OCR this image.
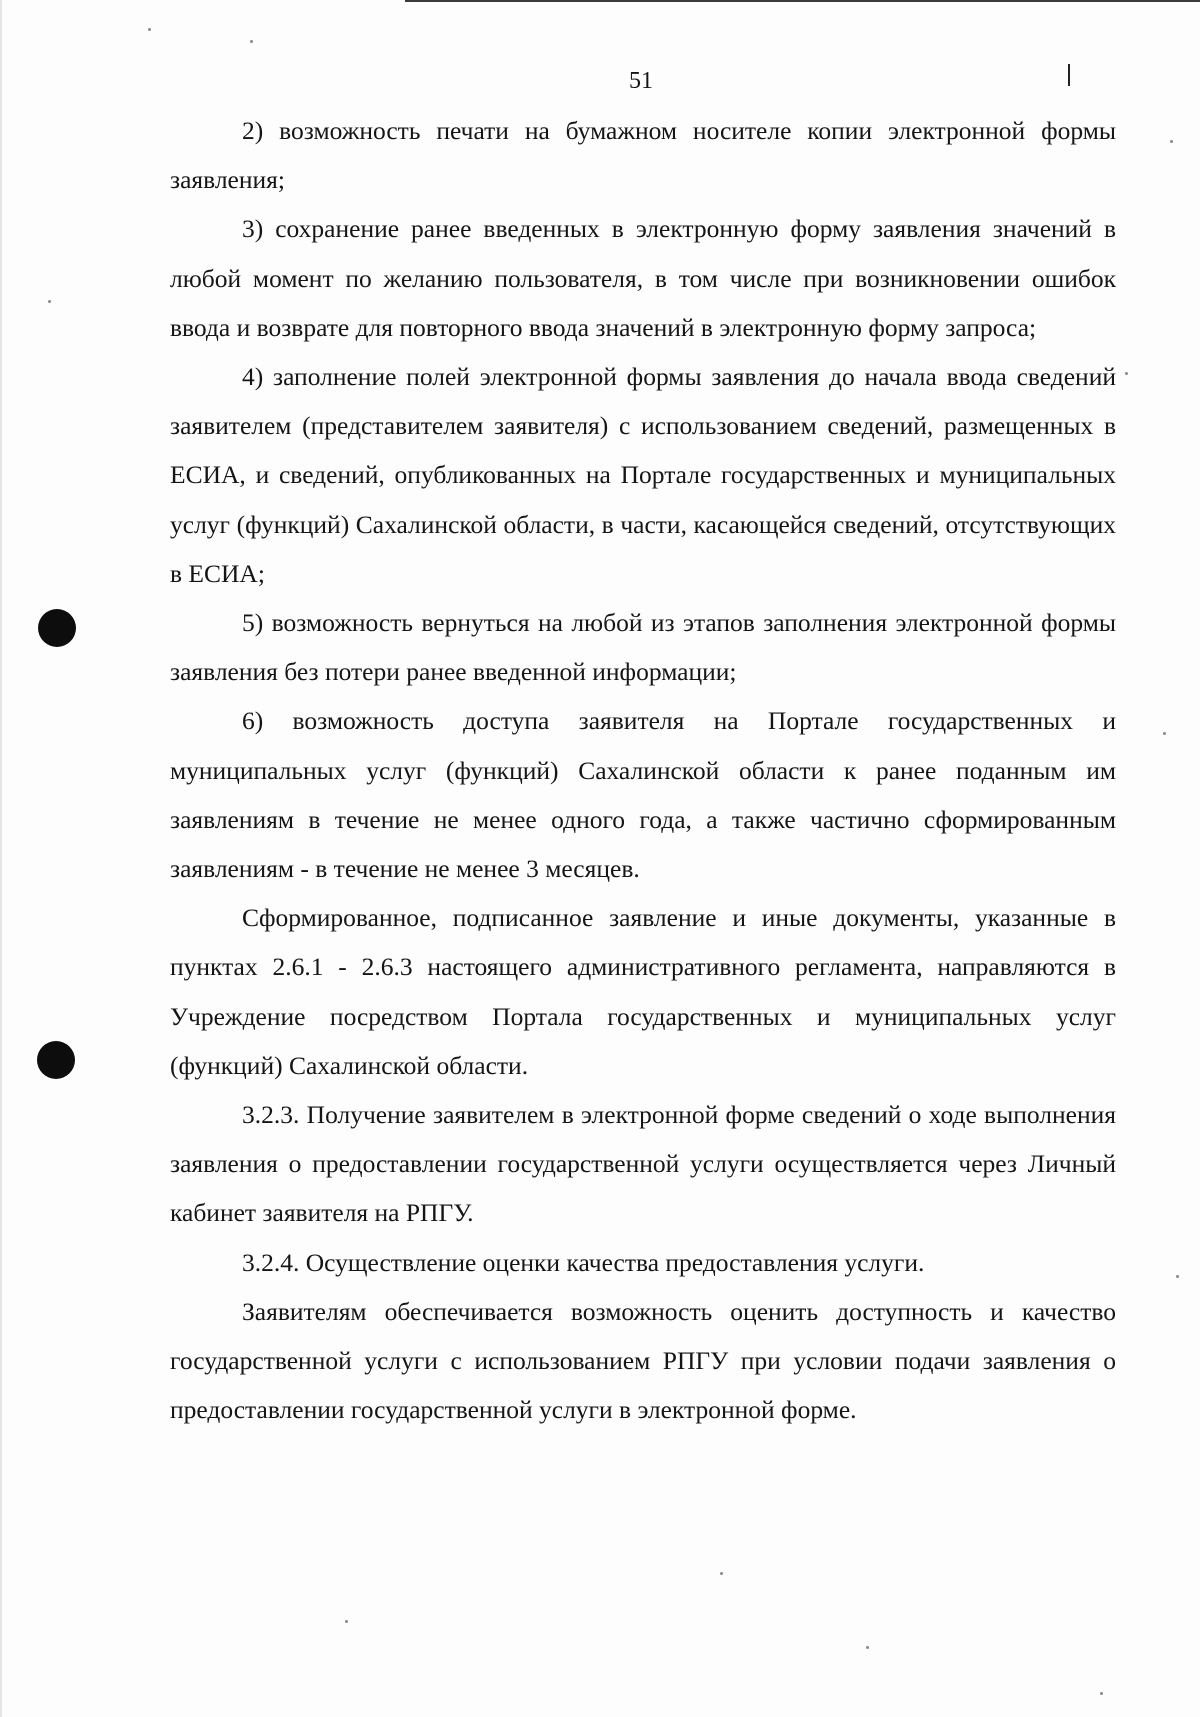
51

2) возможность печати на бумажном носителе копии электронной формы заявления;

3) сохранение ранее введенных в электронную форму заявления значений в любой момент по желанию пользователя, в том числе при возникновении ошибок ввода и возврате для повторного ввода значений в электронную форму запроса;

4) заполнение полей электронной формы заявления до начала ввода сведений заявителем (представителем заявителя) с использованием сведений, размещенных в ЕСИА, и сведений, опубликованных на Портале государственных и муниципальных услуг (функций) Сахалинской области, в части, касающейся сведений, отсутствующих в ЕСИА;

5) возможность вернуться на любой из этапов заполнения электронной формы заявления без потери ранее введенной информации;

6) возможность доступа заявителя на Портале государственных и муниципальных услуг (функций) Сахалинской области к ранее поданным им заявлениям в течение не менее одного года, а также частично сформированным заявлениям - в течение не менее 3 месяцев.

Сформированное, подписанное заявление и иные документы, указанные в пунктах 2.6.1 - 2.6.3 настоящего административного регламента, направляются в Учреждение посредством Портала государственных и муниципальных услуг (функций) Сахалинской области.

3.2.3. Получение заявителем в электронной форме сведений о ходе выполнения заявления о предоставлении государственной услуги осуществляется через Личный кабинет заявителя на РПГУ.

3.2.4. Осуществление оценки качества предоставления услуги.

Заявителям обеспечивается возможность оценить доступность и качество государственной услуги с использованием РПГУ при условии подачи заявления о предоставлении государственной услуги в электронной форме.
